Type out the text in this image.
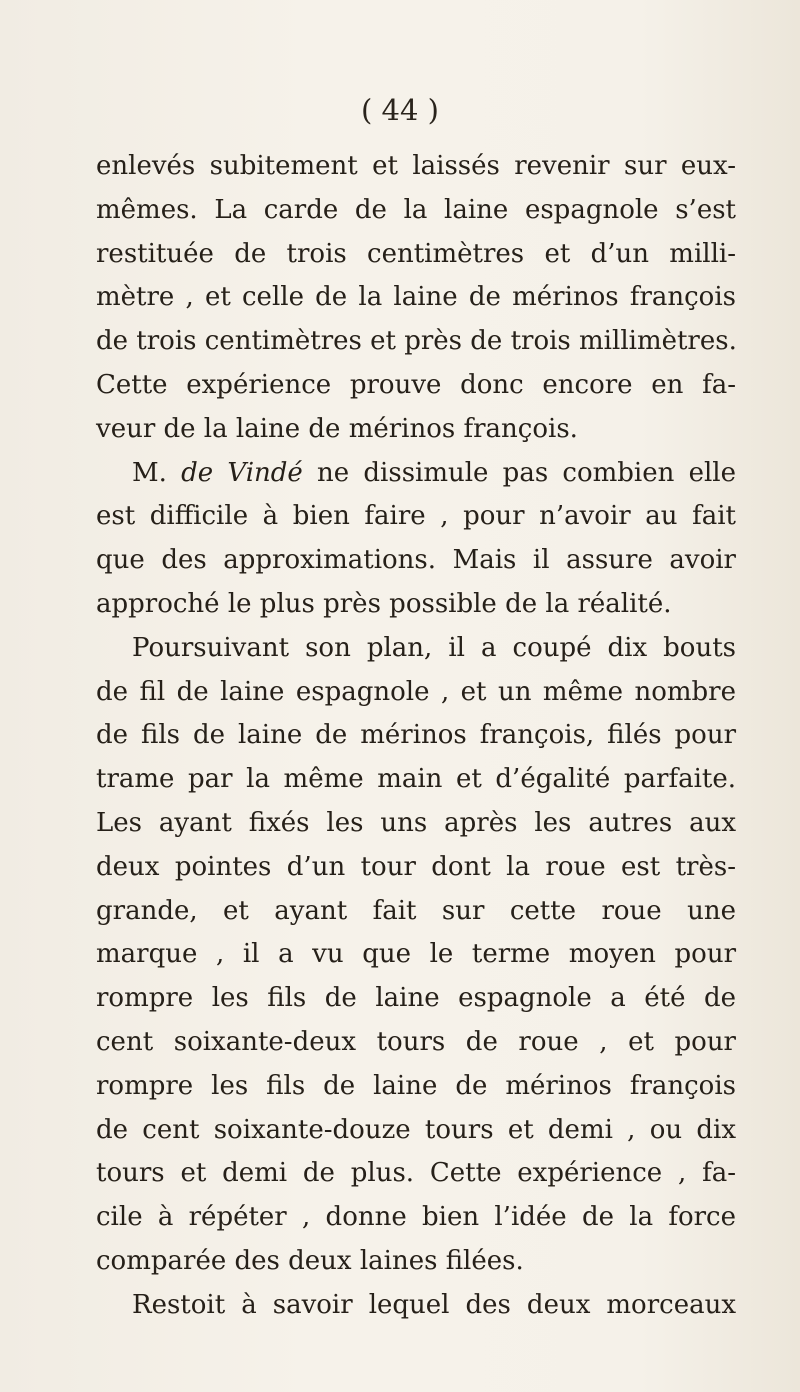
( 44 )
enlevés subitement et laissés revenir sur eux-
mêmes. La carde de la laine espagnole s’est
restituée de trois centimètres et d’un milli-
mètre , et celle de la laine de mérinos françois
de trois centimètres et près de trois millimètres.
Cette expérience prouve donc encore en fa-
veur de la laine de mérinos françois.
M. de Vindé ne dissimule pas combien elle
est difficile à bien faire , pour n’avoir au fait
que des approximations. Mais il assure avoir
approché le plus près possible de la réalité.
Poursuivant son plan, il a coupé dix bouts
de fil de laine espagnole , et un même nombre
de fils de laine de mérinos françois, filés pour
trame par la même main et d’égalité parfaite.
Les ayant fixés les uns après les autres aux
deux pointes d’un tour dont la roue est très-
grande, et ayant fait sur cette roue une
marque , il a vu que le terme moyen pour
rompre les fils de laine espagnole a été de
cent soixante-deux tours de roue , et pour
rompre les fils de laine de mérinos françois
de cent soixante-douze tours et demi , ou dix
tours et demi de plus. Cette expérience , fa-
cile à répéter , donne bien l’idée de la force
comparée des deux laines filées.
Restoit à savoir lequel des deux morceaux
